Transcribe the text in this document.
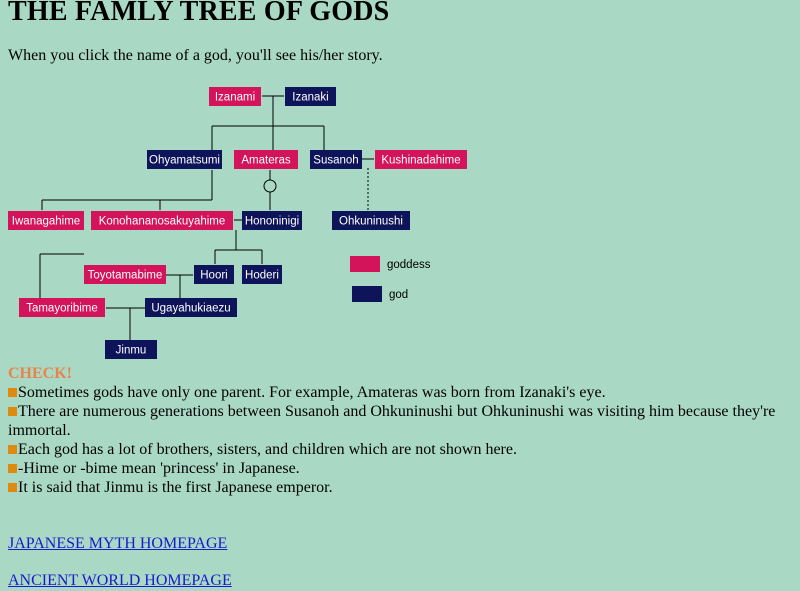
THE FAMLY TREE OF GODS

When you click the name of a god, you'll see his/her story.

Izanami	Izanaki
Ohyamatsumi Amateras Susanoh Kushinadahime
Iwanagahime Konohananosakuyahime Hononinigi	Ohkuninushi
Toyotamabime	Hoori Hoderi
Tamayoribime	Ugayahukiaezu
Jinmu
goddess
god
CHECK!
Sometimes gods have only one parent. For example, Amateras was born from Izanaki's eye.
There are numerous generations between Susanoh and Ohkuninushi but Ohkuninushi was visiting him because they're immortal.
Each god has a lot of brothers, sisters, and children which are not shown here.
-Hime or -bime mean 'princess' in Japanese.
It is said that Jinmu is the first Japanese emperor.
JAPANESE MYTH HOMEPAGE
ANCIENT WORLD HOMEPAGE
